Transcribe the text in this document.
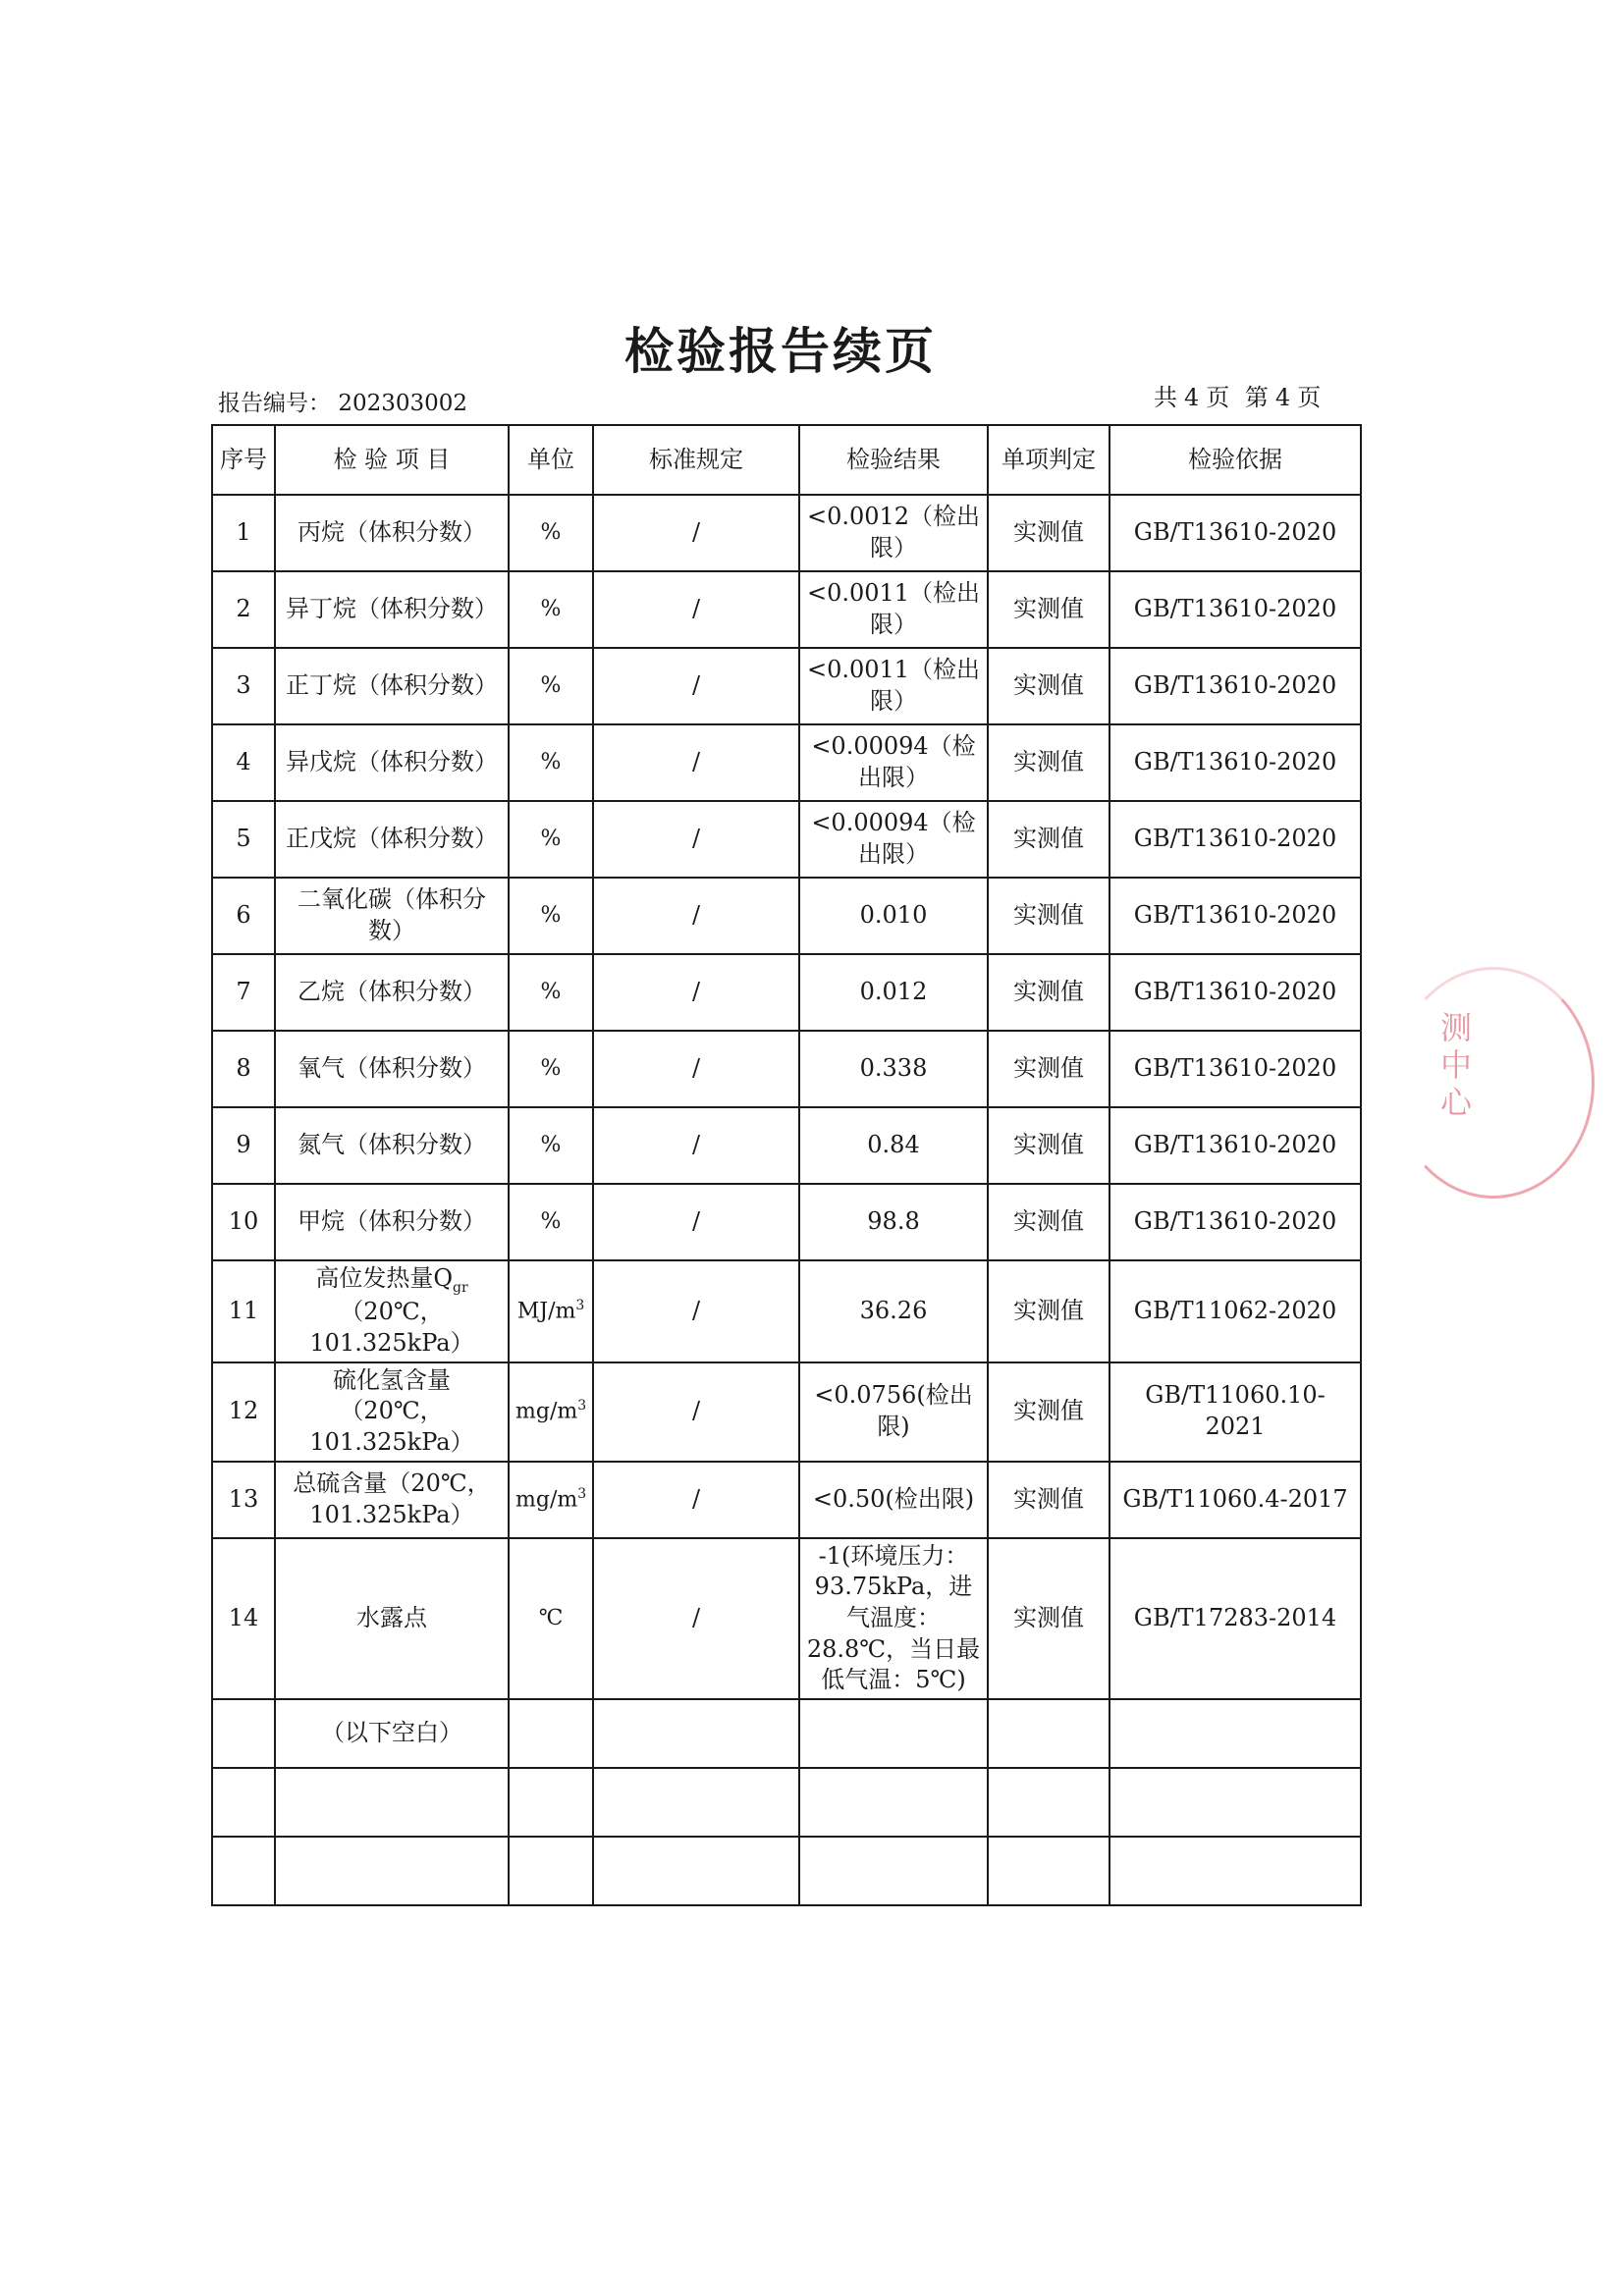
检验报告续页
报告编号： 202303002	共 4 页 第 4 页
序号	检 验 项 目	单位	标准规定	检验结果	单项判定	检验依据
1	丙烷（体积分数）	%	/	<0.0012（检出限）	实测值	GB/T13610-2020
2	异丁烷（体积分数）	%	/	<0.0011（检出限）	实测值	GB/T13610-2020
3	正丁烷（体积分数）	%	/	<0.0011（检出限）	实测值	GB/T13610-2020
4	异戊烷（体积分数）	%	/	<0.00094（检出限）	实测值	GB/T13610-2020
5	正戊烷（体积分数）	%	/	<0.00094（检出限）	实测值	GB/T13610-2020
6	二氧化碳（体积分数）	%	/	0.010	实测值	GB/T13610-2020
7	乙烷（体积分数）	%	/	0.012	实测值	GB/T13610-2020
8	氧气（体积分数）	%	/	0.338	实测值	GB/T13610-2020
9	氮气（体积分数）	%	/	0.84	实测值	GB/T13610-2020
10	甲烷（体积分数）	%	/	98.8	实测值	GB/T13610-2020
11	高位发热量$Q_{gr}(20℃$，101.325kPa）	$MJ/m^3$	/	36.26	实测值	GB/T11062-2020
12	硫化氢含量（20℃，101.325kPa）	$mg/m^3$	/	<0.0756(检出限)	实测值	GB/T11060.10-2021
13	总硫含量（20℃，101.325kPa）	$mg/m^3$	/	<0.50(检出限)	实测值	GB/T11060.4-2017
14	水露点	℃	/	-1(环境压力：93.75kPa，进气温度：28.8℃，当日最低气温：5℃)	实测值	GB/T17283-2014
	（以下空白）					

测中心
